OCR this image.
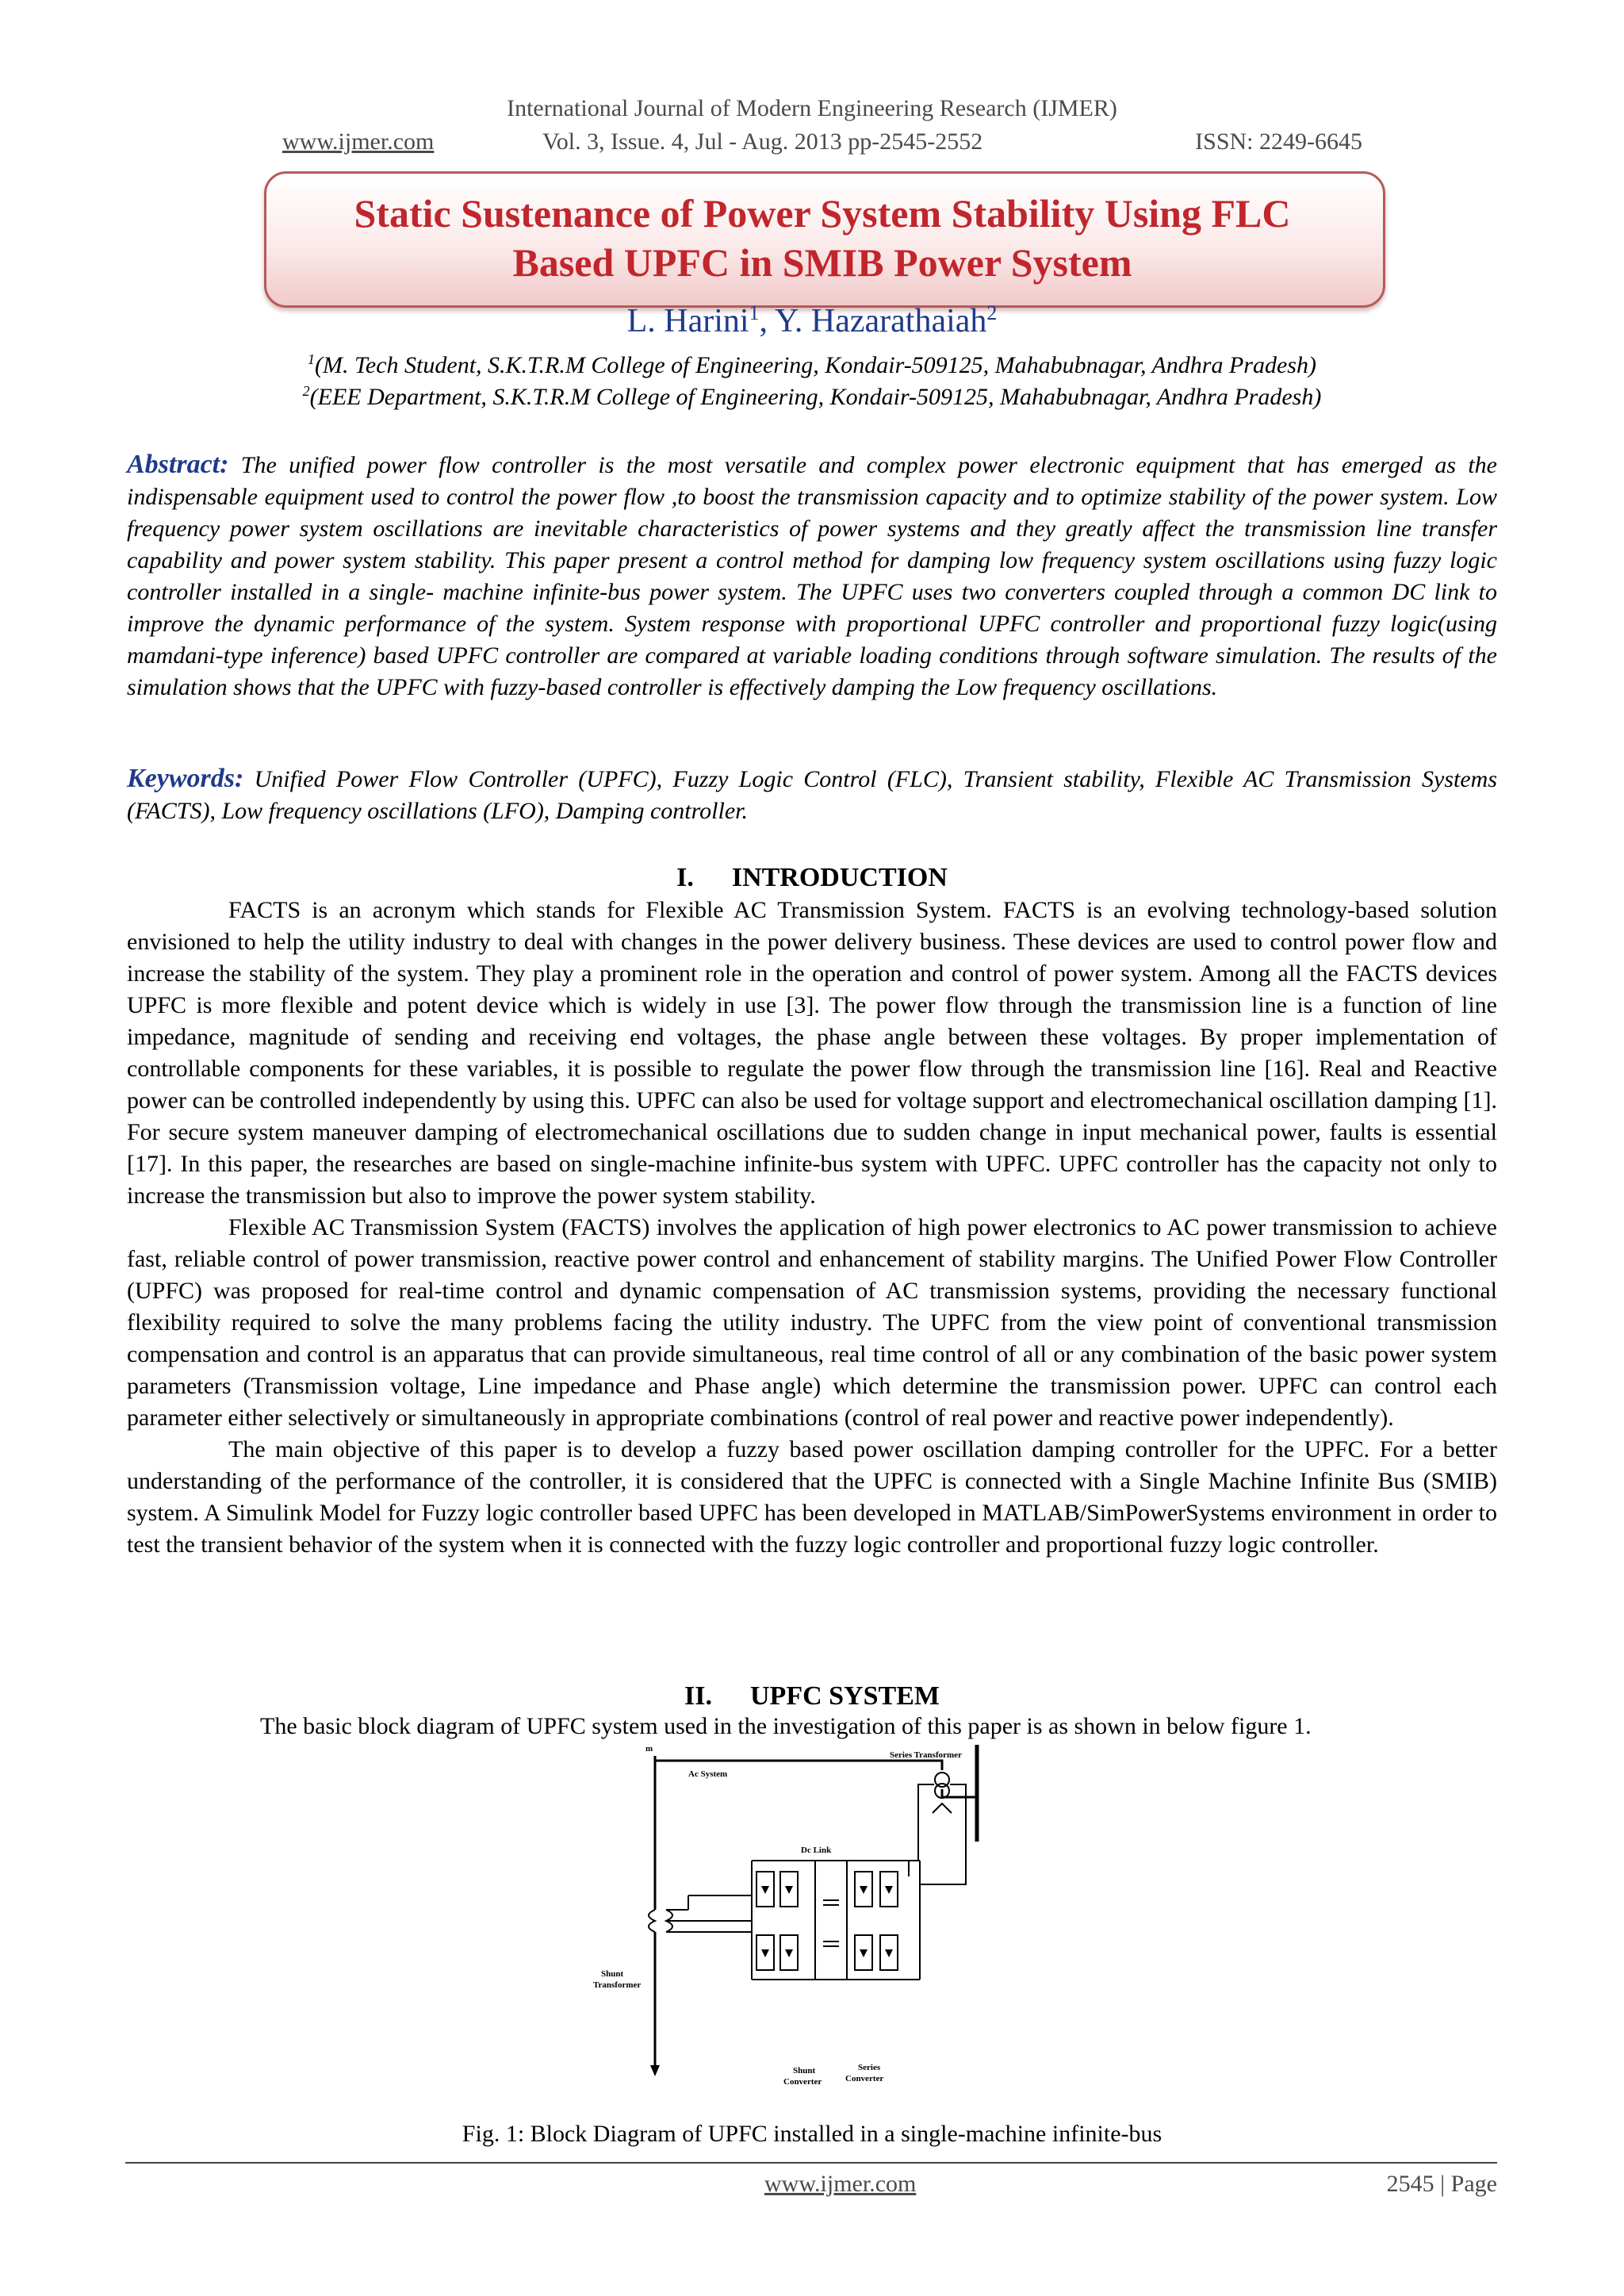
International Journal of Modern Engineering Research (IJMER)
www.ijmer.com	Vol. 3, Issue. 4, Jul - Aug. 2013 pp-2545-2552	ISSN: 2249-6645
Static Sustenance of Power System Stability Using FLC
Based UPFC in SMIB Power System
L. Harini$^1$, Y. Hazarathaiah$^2$
$^1$(M. Tech Student, S.K.T.R.M College of Engineering, Kondair-509125, Mahabubnagar, Andhra Pradesh)
$^2$(EEE Department, S.K.T.R.M College of Engineering, Kondair-509125, Mahabubnagar, Andhra Pradesh)
Abstract: The unified power flow controller is the most versatile and complex power electronic equipment that has emerged as the indispensable equipment used to control the power flow ,to boost the transmission capacity and to optimize stability of the power system. Low frequency power system oscillations are inevitable characteristics of power systems and they greatly affect the transmission line transfer capability and power system stability. This paper present a control method for damping low frequency system oscillations using fuzzy logic controller installed in a single- machine infinite-bus power system. The UPFC uses two converters coupled through a common DC link to improve the dynamic performance of the system. System response with proportional UPFC controller and proportional fuzzy logic(using mamdani-type inference) based UPFC controller are compared at variable loading conditions through software simulation. The results of the simulation shows that the UPFC with fuzzy-based controller is effectively damping the Low frequency oscillations.
Keywords: Unified Power Flow Controller (UPFC), Fuzzy Logic Control (FLC), Transient stability, Flexible AC Transmission Systems (FACTS), Low frequency oscillations (LFO), Damping controller.
I. INTRODUCTION

FACTS is an acronym which stands for Flexible AC Transmission System. FACTS is an evolving technology-based solution envisioned to help the utility industry to deal with changes in the power delivery business. These devices are used to control power flow and increase the stability of the system. They play a prominent role in the operation and control of power system. Among all the FACTS devices UPFC is more flexible and potent device which is widely in use [3]. The power flow through the transmission line is a function of line impedance, magnitude of sending and receiving end voltages, the phase angle between these voltages. By proper implementation of controllable components for these variables, it is possible to regulate the power flow through the transmission line [16]. Real and Reactive power can be controlled independently by using this. UPFC can also be used for voltage support and electromechanical oscillation damping [1]. For secure system maneuver damping of electromechanical oscillations due to sudden change in input mechanical power, faults is essential [17]. In this paper, the researches are based on single-machine infinite-bus system with UPFC. UPFC controller has the capacity not only to increase the transmission but also to improve the power system stability.

Flexible AC Transmission System (FACTS) involves the application of high power electronics to AC power transmission to achieve fast, reliable control of power transmission, reactive power control and enhancement of stability margins. The Unified Power Flow Controller (UPFC) was proposed for real-time control and dynamic compensation of AC transmission systems, providing the necessary functional flexibility required to solve the many problems facing the utility industry. The UPFC from the view point of conventional transmission compensation and control is an apparatus that can provide simultaneous, real time control of all or any combination of the basic power system parameters (Transmission voltage, Line impedance and Phase angle) which determine the transmission power. UPFC can control each parameter either selectively or simultaneously in appropriate combinations (control of real power and reactive power independently).

The main objective of this paper is to develop a fuzzy based power oscillation damping controller for the UPFC. For a better understanding of the performance of the controller, it is considered that the UPFC is connected with a Single Machine Infinite Bus (SMIB) system. A Simulink Model for Fuzzy logic controller based UPFC has been developed in MATLAB/SimPowerSystems environment in order to test the transient behavior of the system when it is connected with the fuzzy logic controller and proportional fuzzy logic controller.

II. UPFC SYSTEM
The basic block diagram of UPFC system used in the investigation of this paper is as shown in below figure 1.
m
Ac System
Series Transformer
Dc Link
Shunt
Transformer
Shunt
Converter
Series
Converter
Fig. 1: Block Diagram of UPFC installed in a single-machine infinite-bus
www.ijmer.com	2545 | Page
